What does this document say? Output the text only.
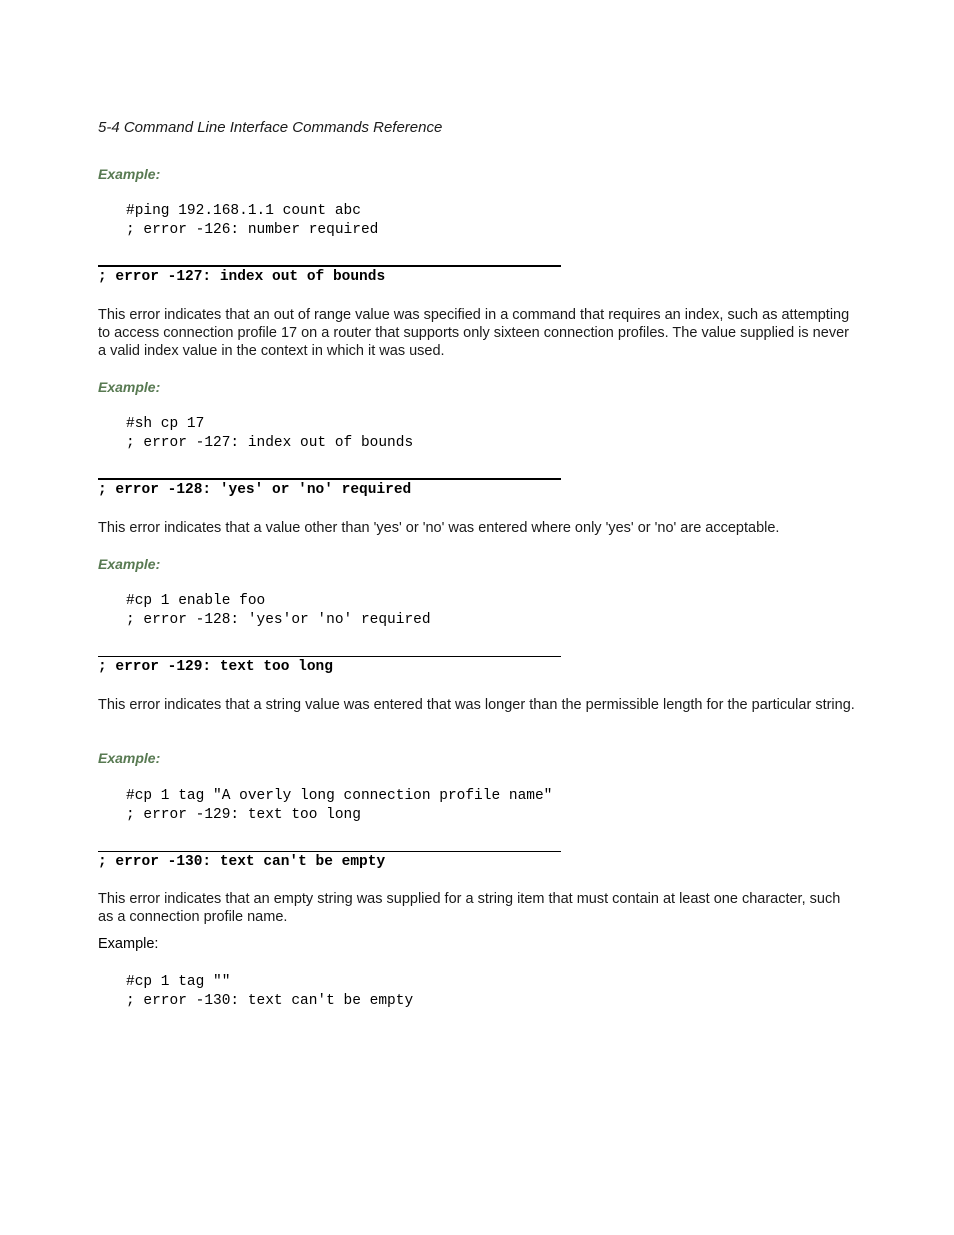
5-4 Command Line Interface Commands Reference
Example:
#ping 192.168.1.1 count abc
; error -126: number required
; error -127: index out of bounds

This error indicates that an out of range value was specified in a command that requires an index, such as attempting to access connection profile 17 on a router that supports only sixteen connection profiles. The value supplied is never a valid index value in the context in which it was used.

Example:
#sh cp 17
; error -127: index out of bounds
; error -128: 'yes' or 'no' required

This error indicates that a value other than 'yes' or 'no' was entered where only 'yes' or 'no' are acceptable.

Example:
#cp 1 enable foo
; error -128: 'yes'or 'no' required
; error -129: text too long

This error indicates that a string value was entered that was longer than the permissible length for the particular string.

Example:
#cp 1 tag "A overly long connection profile name"
; error -129: text too long
; error -130: text can't be empty

This error indicates that an empty string was supplied for a string item that must contain at least one character, such as a connection profile name.

Example:
#cp 1 tag ""
; error -130: text can't be empty
